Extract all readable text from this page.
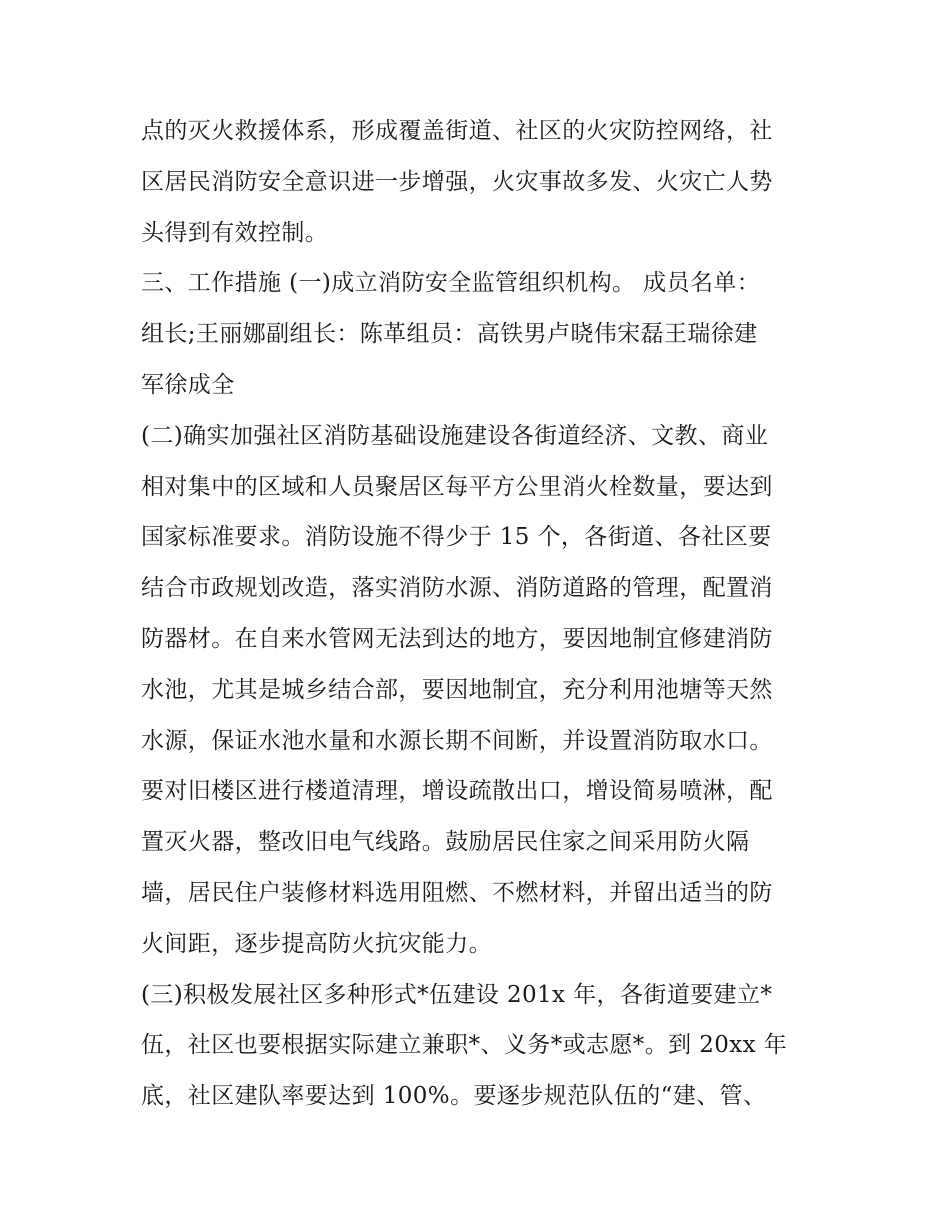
点的灭火救援体系，形成覆盖街道、社区的火灾防控网络，社
区居民消防安全意识进一步增强，火灾事故多发、火灾亡人势
头得到有效控制。
三、工作措施 (一)成立消防安全监管组织机构。 成员名单：
组长;王丽娜副组长：陈革组员：高铁男卢晓伟宋磊王瑞徐建
军徐成全
(二)确实加强社区消防基础设施建设各街道经济、文教、商业
相对集中的区域和人员聚居区每平方公里消火栓数量，要达到
国家标准要求。消防设施不得少于 15 个，各街道、各社区要
结合市政规划改造，落实消防水源、消防道路的管理，配置消
防器材。在自来水管网无法到达的地方，要因地制宜修建消防
水池，尤其是城乡结合部，要因地制宜，充分利用池塘等天然
水源，保证水池水量和水源长期不间断，并设置消防取水口。
要对旧楼区进行楼道清理，增设疏散出口，增设简易喷淋，配
置灭火器，整改旧电气线路。鼓励居民住家之间采用防火隔
墙，居民住户装修材料选用阻燃、不燃材料，并留出适当的防
火间距，逐步提高防火抗灾能力。
(三)积极发展社区多种形式*伍建设 201x 年，各街道要建立*
伍，社区也要根据实际建立兼职*、义务*或志愿*。到 20xx 年
底，社区建队率要达到 100%。要逐步规范队伍的“建、管、
